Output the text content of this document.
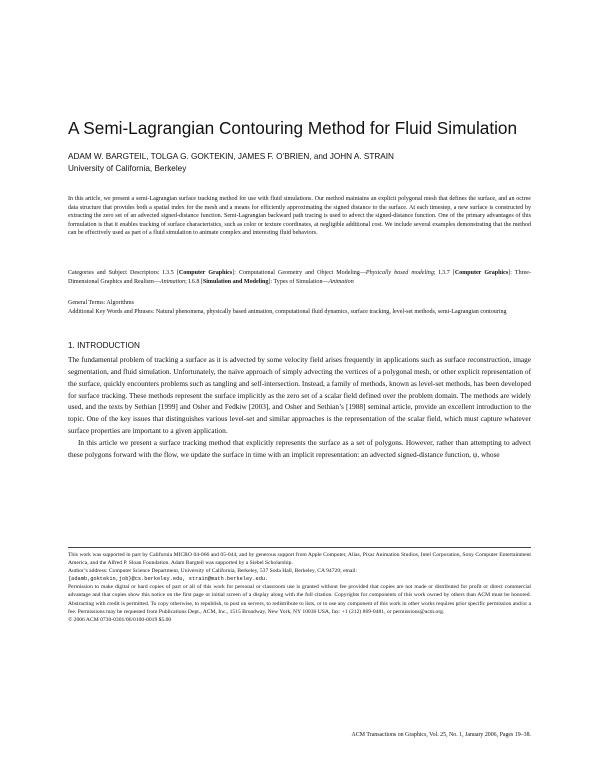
A Semi-Lagrangian Contouring Method for Fluid Simulation
ADAM W. BARGTEIL, TOLGA G. GOKTEKIN, JAMES F. O’BRIEN, and JOHN A. STRAIN
University of California, Berkeley
In this article, we present a semi-Lagrangian surface tracking method for use with fluid simulations. Our method maintains an explicit polygonal mesh that defines the surface, and an octree data structure that provides both a spatial index for the mesh and a means for efficiently approximating the signed distance to the surface. At each timestep, a new surface is constructed by extracting the zero set of an advected signed-distance function. Semi-Lagrangian backward path tracing is used to advect the signed-distance function. One of the primary advantages of this formulation is that it enables tracking of surface characteristics, such as color or texture coordinates, at negligible additional cost. We include several examples demonstrating that the method can be effectively used as part of a fluid simulation to animate complex and interesting fluid behaviors.
Categories and Subject Descriptors: I.3.5 [Computer Graphics]: Computational Geometry and Object Modeling—Physically based modeling; I.3.7 [Computer Graphics]: Three-Dimensional Graphics and Realism—Animation; I.6.8 [Simulation and Modeling]: Types of Simulation—Animation
General Terms: Algorithms
Additional Key Words and Phrases: Natural phenomena, physically based animation, computational fluid dynamics, surface tracking, level-set methods, semi-Lagrangian contouring
1. INTRODUCTION

The fundamental problem of tracking a surface as it is advected by some velocity field arises frequently in applications such as surface reconstruction, image segmentation, and fluid simulation. Unfortunately, the naive approach of simply advecting the vertices of a polygonal mesh, or other explicit representation of the surface, quickly encounters problems such as tangling and self-intersection. Instead, a family of methods, known as level-set methods, has been developed for surface tracking. These methods represent the surface implicitly as the zero set of a scalar field defined over the problem domain. The methods are widely used, and the texts by Sethian [1999] and Osher and Fedkiw [2003], and Osher and Sethian’s [1988] seminal article, provide an excellent introduction to the topic. One of the key issues that distinguishes various level-set and similar approaches is the representation of the scalar field, which must capture whatever surface properties are important to a given application.

In this article we present a surface tracking method that explicitly represents the surface as a set of polygons. However, rather than attempting to advect these polygons forward with the flow, we update the surface in time with an implicit representation: an advected signed-distance function, ψ, whose

This work was supported in part by California MICRO 04-066 and 05-044, and by generous support from Apple Computer, Alias, Pixar Animation Studios, Intel Corporation, Sony Computer Entertainment America, and the Alfred P. Sloan Foundation. Adam Bargteil was supported by a Siebel Scholarship.

Author’s address: Computer Science Department, University of California, Berkeley, 537 Soda Hall, Berkeley, CA 94720; email:
{adamb,goktekin,job}@cs.berkeley.edu, strain@math.berkeley.edu.

Permission to make digital or hard copies of part or all of this work for personal or classroom use is granted without fee provided that copies are not made or distributed for profit or direct commercial advantage and that copies show this notice on the first page or initial screen of a display along with the full citation. Copyrights for components of this work owned by others than ACM must be honored. Abstracting with credit is permitted. To copy otherwise, to republish, to post on servers, to redistribute to lists, or to use any component of this work in other works requires prior specific permission and/or a fee. Permissions may be requested from Publications Dept., ACM, Inc., 1515 Broadway, New York, NY 10036 USA, fax: +1 (212) 869-0481, or permissions@acm.org.

© 2006 ACM 0730-0301/06/0100-0019 $5.00

ACM Transactions on Graphics, Vol. 25, No. 1, January 2006, Pages 19–38.
